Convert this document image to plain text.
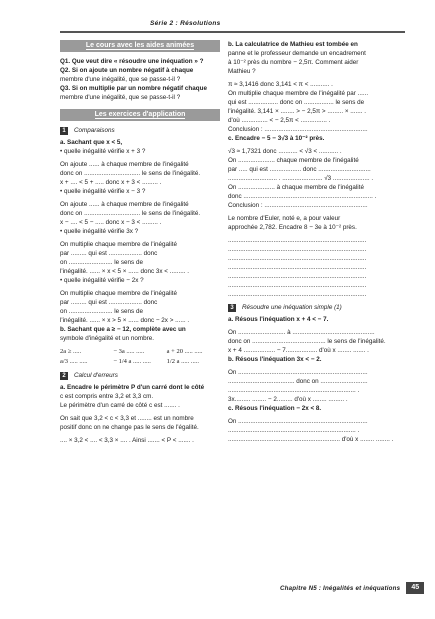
Série 2 : Résolutions
Le cours avec les aides animées
Q1. Que veut dire « résoudre une inéquation » ?
Q2. Si on ajoute un nombre négatif à chaque
membre d'une inégalité, que se passe-t-il ?
Q3. Si on multiplie par un nombre négatif chaque
membre d'une inégalité, que se passe-t-il ?
Les exercices d'application
1	Comparaisons
a. Sachant que x < 5,
• quelle inégalité vérifie x + 3 ?
On ajoute ...... à chaque membre de l'inégalité
donc on ................................ le sens de l'inégalité.
x + .... < 5 + ..... donc x + 3 < ......... .
• quelle inégalité vérifie x − 3 ?
On ajoute ...... à chaque membre de l'inégalité
donc on ................................ le sens de l'inégalité.
x − .... < 5 − ..... donc x − 3 < ......... .
• quelle inégalité vérifie 3x ?
On multiplie chaque membre de l'inégalité
par ......... qui est ................... donc
on ......................... le sens de
l'inégalité. ...... × x < 5 × ...... donc 3x < ......... .
• quelle inégalité vérifie − 2x ?
On multiplie chaque membre de l'inégalité
par ......... qui est ................... donc
on ......................... le sens de
l'inégalité. ...... × x > 5 × ...... donc − 2x > ...... .
b. Sachant que a ≥ − 12, complète avec un
symbole d'inégalité et un nombre.
2a ≥ .....	− 3a ..... .....	a + 20 ..... .....
a/3 ..... .....	− 1/4 a ..... .....	1/2 a ..... .....
2	Calcul d'erreurs
a. Encadre le périmètre P d'un carré dont le côté
c est compris entre 3,2 et 3,3 cm.
Le périmètre d'un carré de côté c est ....... .
On sait que 3,2 < c < 3,3 et ........ est un nombre
positif donc on ne change pas le sens de l'égalité.
.... × 3,2 < .... < 3,3 × .... . Ainsi ....... < P < ....... .
b. La calculatrice de Mathieu est tombée en
panne et le professeur demande un encadrement
à 10⁻² près du nombre − 2,5π. Comment aider
Mathieu ?
π ≈ 3,1416 donc 3,141 < π < ........... .
On multiplie chaque membre de l'inégalité par ......
qui est ................. donc on ................. le sens de
l'inégalité. 3,141 × ........ > − 2,5π > ......... × ....... .
d'où ............... < − 2,5π < ............... .
Conclusion : ...........................................................
c. Encadre − 5 − 3√3 à 10⁻² près.
√3 ≈ 1,7321 donc ........... < √3 < ........... .
On ..................... chaque membre de l'inégalité
par ..... qui est .................. donc ..............................
............................ . ....................... √3 ..................... .
On ..................... à chaque membre de l'inégalité
donc .......................................................................... .
Conclusion : ...........................................................
Le nombre d'Euler, noté e, a pour valeur
approchée 2,782. Encadre 8 − 3e à 10⁻² près.
...............................................................................
...............................................................................
...............................................................................
...............................................................................
...............................................................................
...............................................................................
...............................................................................
3	Résoudre une inéquation simple (1)
a. Résous l'inéquation x + 4 < − 7.
On ........................... à ...............................................
donc on .......................................... le sens de l'inégalité.
x + 4 .................. − 7.................. d'où x ........ ....... .
b. Résous l'inéquation 3x < − 2.
On ..........................................................................
...................................... donc on ...........................
......................................................................... .
3x......... ........ − 2......... d'où x ........ ......... .
c. Résous l'inéquation − 2x < 8.
On ..........................................................................
......................................................................... .
................................................................ d'où x ........ ........ .
Chapitre N5 : Inégalités et inéquations	45
